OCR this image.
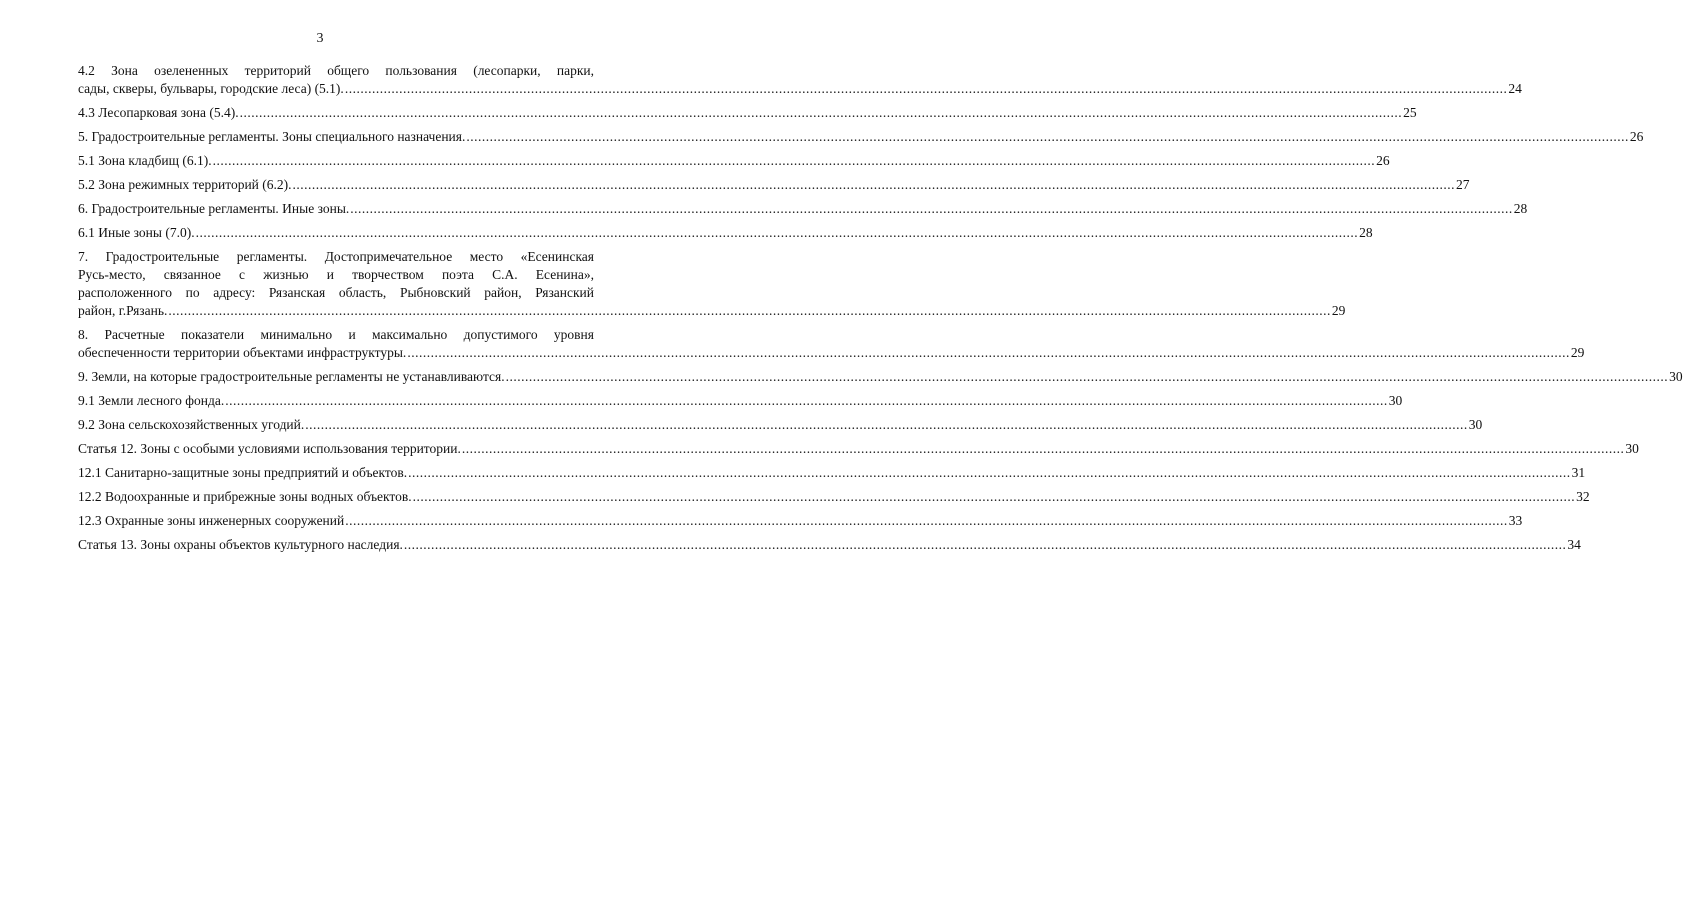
3
4.2 Зона озелененных территорий общего пользования (лесопарки, парки,
сады, скверы, бульвары, городские леса) (5.1). ............................................................................................................................................................................................................................................................................................................ 24
4.3 Лесопарковая зона (5.4). ............................................................................................................................................................................................................................................................................................................ 25
5. Градостроительные регламенты. Зоны специального назначения. ............................................................................................................................................................................................................................................................................................................ 26
5.1 Зона кладбищ (6.1). ............................................................................................................................................................................................................................................................................................................ 26
5.2 Зона режимных территорий (6.2). ............................................................................................................................................................................................................................................................................................................ 27
6. Градостроительные регламенты. Иные зоны. ............................................................................................................................................................................................................................................................................................................ 28
6.1 Иные зоны (7.0). ............................................................................................................................................................................................................................................................................................................ 28
7. Градостроительные регламенты. Достопримечательное место «Есенинская
Русь-место, связанное с жизнью и творчеством поэта С.А. Есенина»,
расположенного по адресу: Рязанская область, Рыбновский район, Рязанский
район, г.Рязань. ............................................................................................................................................................................................................................................................................................................ 29
8. Расчетные показатели минимально и максимально допустимого уровня
обеспеченности территории объектами инфраструктуры. ............................................................................................................................................................................................................................................................................................................ 29
9. Земли, на которые градостроительные регламенты не устанавливаются. ............................................................................................................................................................................................................................................................................................................ 30
9.1 Земли лесного фонда. ............................................................................................................................................................................................................................................................................................................ 30
9.2 Зона сельскохозяйственных угодий. ............................................................................................................................................................................................................................................................................................................ 30
Статья 12. Зоны с особыми условиями использования территории. ............................................................................................................................................................................................................................................................................................................ 30
12.1 Санитарно-защитные зоны предприятий и объектов. ............................................................................................................................................................................................................................................................................................................ 31
12.2 Водоохранные и прибрежные зоны водных объектов. ............................................................................................................................................................................................................................................................................................................ 32
12.3 Охранные зоны инженерных сооружений ............................................................................................................................................................................................................................................................................................................ 33
Статья 13. Зоны охраны объектов культурного наследия. ............................................................................................................................................................................................................................................................................................................ 34
